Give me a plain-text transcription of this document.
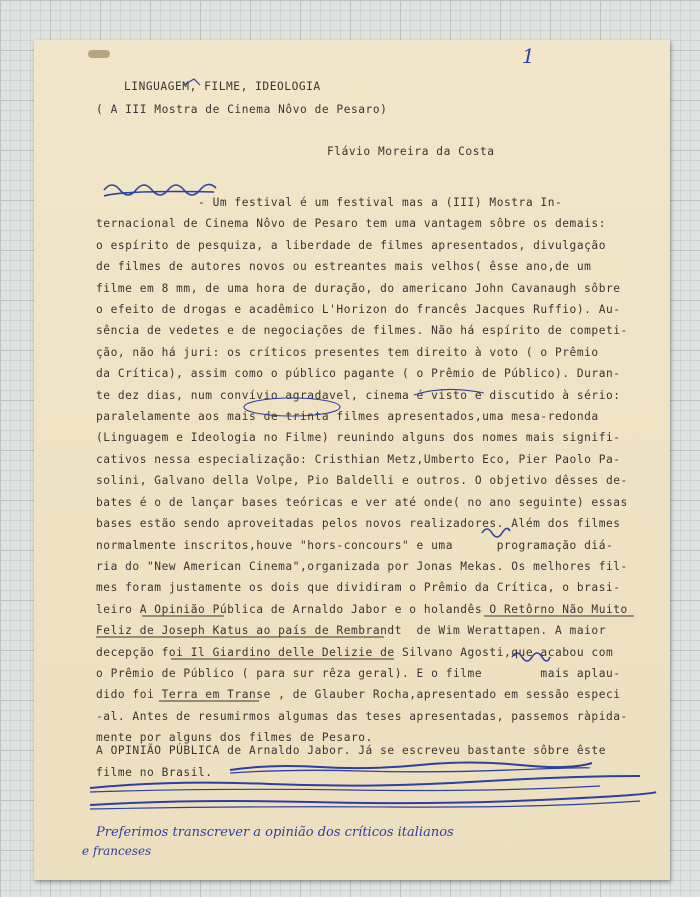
1
LINGUAGEM, FILME, IDEOLOGIA
( A III Mostra de Cinema Nôvo de Pesaro)
Flávio Moreira da Costa
- Um festival é um festival mas a (III) Mostra In-
ternacional de Cinema Nôvo de Pesaro tem uma vantagem sôbre os demais:
o espírito de pesquiza, a liberdade de filmes apresentados, divulgação
de filmes de autores novos ou estreantes mais velhos( êsse ano,de um
filme em 8 mm, de uma hora de duração, do americano John Cavanaugh sôbre
o efeito de drogas e acadêmico L'Horizon do francês Jacques Ruffio). Au-
sência de vedetes e de negociações de filmes. Não há espírito de competi-
ção, não há juri: os críticos presentes tem direito à voto ( o Prêmio
da Crítica), assim como o público pagante ( o Prêmio de Público). Duran-
te dez dias, num convívio agradavel, cinema é visto e discutido à sério:
paralelamente aos mais de trinta filmes apresentados,uma mesa-redonda
(Linguagem e Ideologia no Filme) reunindo alguns dos nomes mais signifi-
cativos nessa especialização: Cristhian Metz,Umberto Eco, Pier Paolo Pa-
solini, Galvano della Volpe, Pio Baldelli e outros. O objetivo dêsses de-
bates é o de lançar bases teóricas e ver até onde( no ano seguinte) essas
bases estão sendo aproveitadas pelos novos realizadores. Além dos filmes
normalmente inscritos,houve "hors-concours" e uma      programação diá-
ria do "New American Cinema",organizada por Jonas Mekas. Os melhores fil-
mes foram justamente os dois que dividiram o Prêmio da Crítica, o brasi-
leiro A Opinião Pública de Arnaldo Jabor e o holandês O Retôrno Não Muito
Feliz de Joseph Katus ao país de Rembrandt  de Wim Werattapen. A maior
decepção foi Il Giardino delle Delizie de Silvano Agosti,que acabou com
o Prêmio de Público ( para sur rêza geral). E o filme        mais aplau-
dido foi Terra em Transe , de Glauber Rocha,apresentado em sessão especi
-al. Antes de resumirmos algumas das teses apresentadas, passemos ràpida-
mente por alguns dos filmes de Pesaro.
A OPINIÃO PÚBLICA de Arnaldo Jabor. Já se escreveu bastante sôbre êste
filme no Brasil.
Preferimos transcrever a opinião dos críticos italianos
e franceses
